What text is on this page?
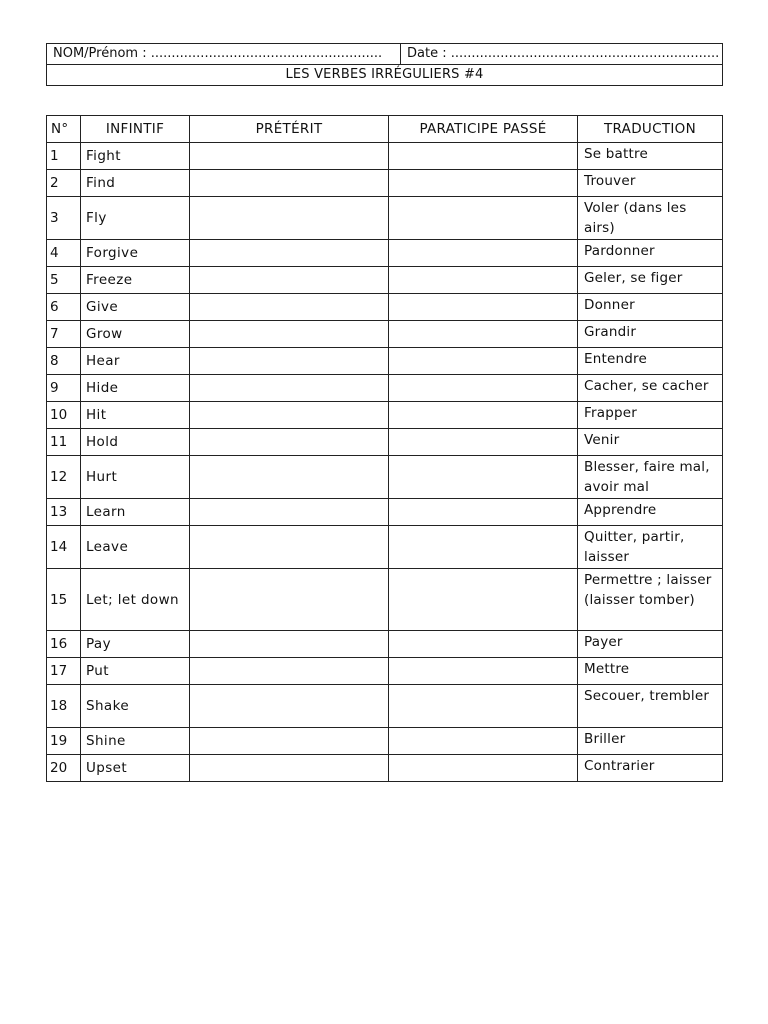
NOM/Prénom : ........................................................	Date : .................................................................
LES VERBES IRRÉGULIERS #4
N°	INFINTIF	PRÉTÉRIT	PARATICIPE PASSÉ	TRADUCTION
1	Fight			Se battre
2	Find			Trouver
3	Fly			Voler (dans les airs)
4	Forgive			Pardonner
5	Freeze			Geler, se figer
6	Give			Donner
7	Grow			Grandir
8	Hear			Entendre
9	Hide			Cacher, se cacher
10	Hit			Frapper
11	Hold			Venir
12	Hurt			Blesser, faire mal, avoir mal
13	Learn			Apprendre
14	Leave			Quitter, partir, laisser
15	Let; let down			Permettre ; laisser (laisser tomber)
16	Pay			Payer
17	Put			Mettre
18	Shake			Secouer, trembler
19	Shine			Briller
20	Upset			Contrarier
